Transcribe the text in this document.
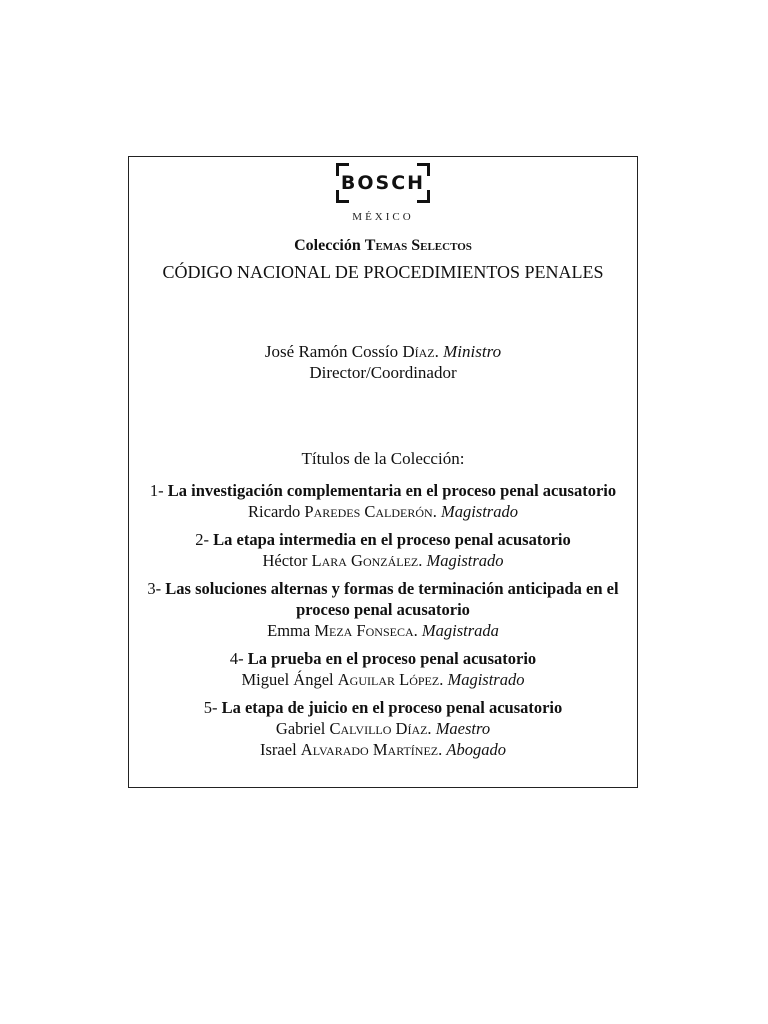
BOSCH
MÉXICO
Colección Temas Selectos
CÓDIGO NACIONAL DE PROCEDIMIENTOS PENALES
José Ramón Cossío Díaz. Ministro
Director/Coordinador
Títulos de la Colección:
1- La investigación complementaria en el proceso penal acusatorio
Ricardo Paredes Calderón. Magistrado
2- La etapa intermedia en el proceso penal acusatorio
Héctor Lara González. Magistrado
3- Las soluciones alternas y formas de terminación anticipada en el proceso penal acusatorio
Emma Meza Fonseca. Magistrada
4- La prueba en el proceso penal acusatorio
Miguel Ángel Aguilar López. Magistrado
5- La etapa de juicio en el proceso penal acusatorio
Gabriel Calvillo Díaz. Maestro
Israel Alvarado Martínez. Abogado
